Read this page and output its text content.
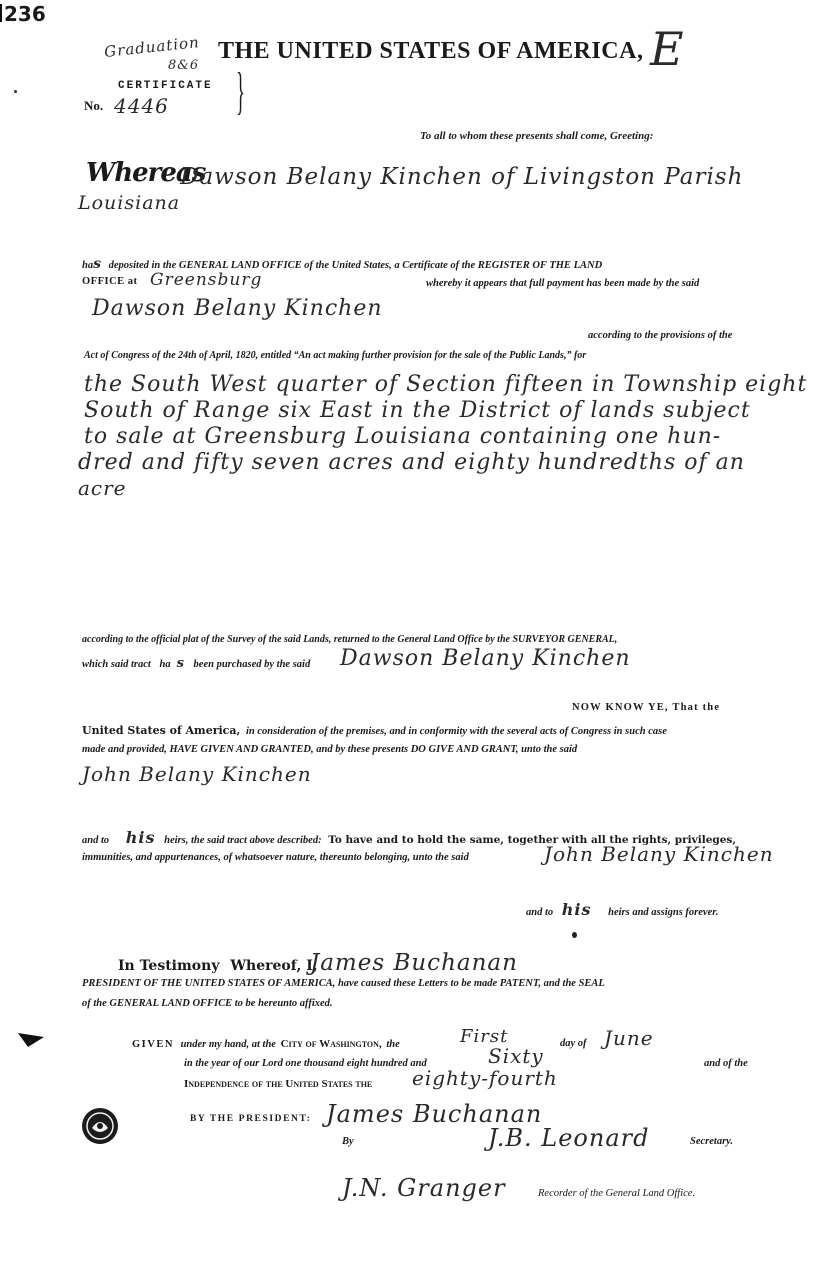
236
Graduation
8&6
CERTIFICATE
No. 4446 }
THE UNITED STATES OF AMERICA, E
To all to whom these presents shall come, Greeting:
Whereas
Dawson Belany Kinchen of Livingston Parish
Louisiana
has deposited in the GENERAL LAND OFFICE of the United States, a Certificate of the REGISTER OF THE LAND
OFFICE at Greensburg	whereby it appears that full payment has been made by the said
Dawson Belany Kinchen
according to the provisions of the
Act of Congress of the 24th of April, 1820, entitled “An act making further provision for the sale of the Public Lands,” for
the South West quarter of Section fifteen in Township eight
South of Range six East in the District of lands subject
to sale at Greensburg Louisiana containing one hun-
dred and fifty seven acres and eighty hundredths of an
acre
according to the official plat of the Survey of the said Lands, returned to the General Land Office by the SURVEYOR GENERAL,
which said tract ha s been purchased by the said Dawson Belany Kinchen
NOW KNOW YE, That the
United States of America, in consideration of the premises, and in conformity with the several acts of Congress in such case
made and provided, HAVE GIVEN AND GRANTED, and by these presents DO GIVE AND GRANT, unto the said
John Belany Kinchen
and to his heirs, the said tract above described: To have and to hold the same, together with all the rights, privileges,
immunities, and appurtenances, of whatsoever nature, thereunto belonging, unto the said	John Belany Kinchen
and to his heirs and assigns forever.
In Testimony Whereof, I,
James Buchanan
PRESIDENT OF THE UNITED STATES OF AMERICA, have caused these Letters to be made PATENT, and the SEAL
of the GENERAL LAND OFFICE to be hereunto affixed.
GIVEN under my hand, at the City of Washington, the	First	day of June
in the year of our Lord one thousand eight hundred and	Sixty	and of the
Independence of the United States the eighty-fourth
BY THE PRESIDENT: James Buchanan
By	J.B. Leonard	Secretary.
J.N. Granger	Recorder of the General Land Office.
